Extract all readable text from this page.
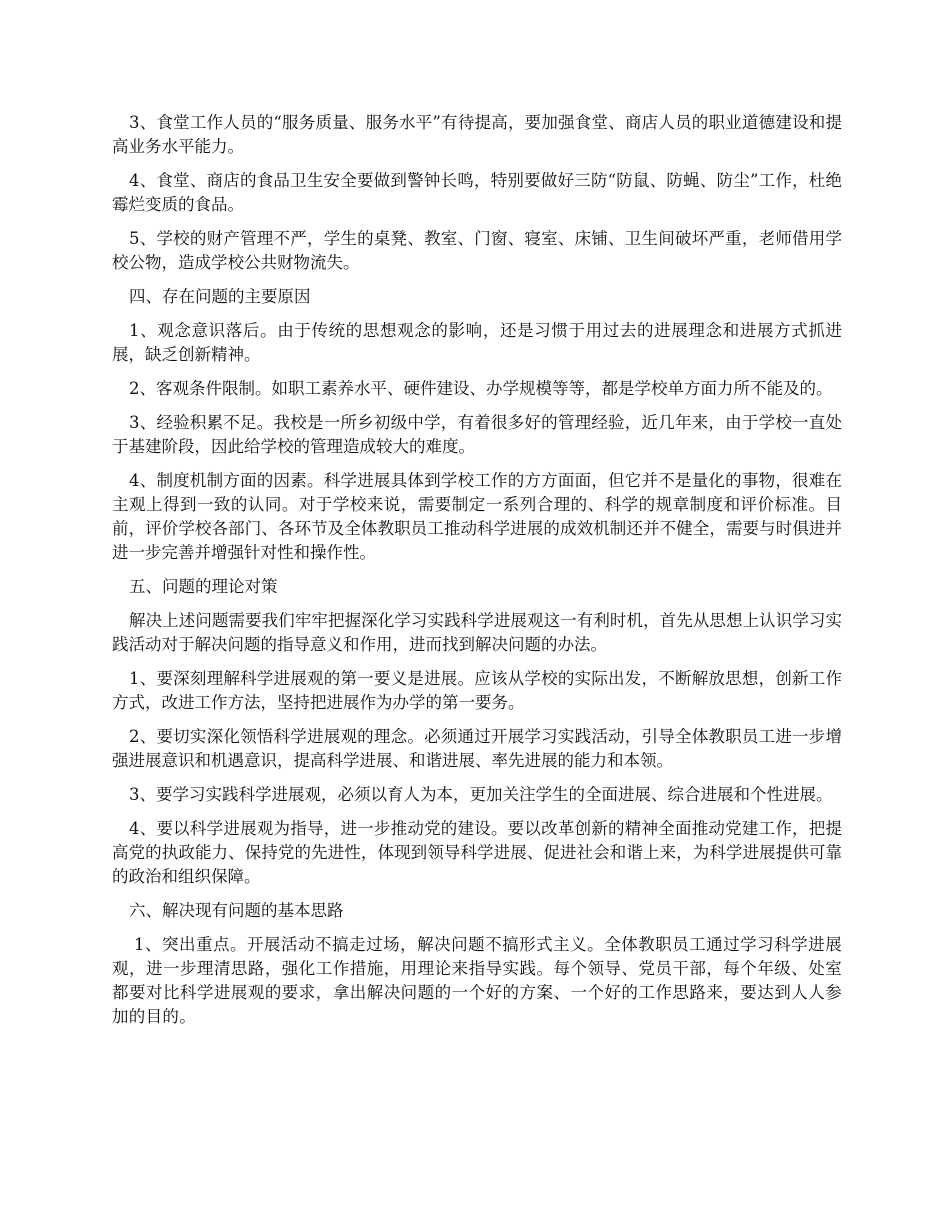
3、食堂工作人员的“服务质量、服务水平”有待提高，要加强食堂、商店人员的职业道德建设和提高业务水平能力。

4、食堂、商店的食品卫生安全要做到警钟长鸣，特别要做好三防“防鼠、防蝇、防尘”工作，杜绝霉烂变质的食品。

5、学校的财产管理不严，学生的桌凳、教室、门窗、寝室、床铺、卫生间破坏严重，老师借用学校公物，造成学校公共财物流失。

四、存在问题的主要原因

1、观念意识落后。由于传统的思想观念的影响，还是习惯于用过去的进展理念和进展方式抓进展，缺乏创新精神。

2、客观条件限制。如职工素养水平、硬件建设、办学规模等等，都是学校单方面力所不能及的。

3、经验积累不足。我校是一所乡初级中学，有着很多好的管理经验，近几年来，由于学校一直处于基建阶段，因此给学校的管理造成较大的难度。

4、制度机制方面的因素。科学进展具体到学校工作的方方面面，但它并不是量化的事物，很难在主观上得到一致的认同。对于学校来说，需要制定一系列合理的、科学的规章制度和评价标准。目前，评价学校各部门、各环节及全体教职员工推动科学进展的成效机制还并不健全，需要与时俱进并进一步完善并增强针对性和操作性。

五、问题的理论对策

解决上述问题需要我们牢牢把握深化学习实践科学进展观这一有利时机，首先从思想上认识学习实践活动对于解决问题的指导意义和作用，进而找到解决问题的办法。

1、要深刻理解科学进展观的第一要义是进展。应该从学校的实际出发，不断解放思想，创新工作方式，改进工作方法，坚持把进展作为办学的第一要务。

2、要切实深化领悟科学进展观的理念。必须通过开展学习实践活动，引导全体教职员工进一步增强进展意识和机遇意识，提高科学进展、和谐进展、率先进展的能力和本领。

3、要学习实践科学进展观，必须以育人为本，更加关注学生的全面进展、综合进展和个性进展。

4、要以科学进展观为指导，进一步推动党的建设。要以改革创新的精神全面推动党建工作，把提高党的执政能力、保持党的先进性，体现到领导科学进展、促进社会和谐上来，为科学进展提供可靠的政治和组织保障。

六、解决现有问题的基本思路

1、突出重点。开展活动不搞走过场，解决问题不搞形式主义。全体教职员工通过学习科学进展观，进一步理清思路，强化工作措施，用理论来指导实践。每个领导、党员干部，每个年级、处室都要对比科学进展观的要求，拿出解决问题的一个好的方案、一个好的工作思路来，要达到人人参加的目的。
